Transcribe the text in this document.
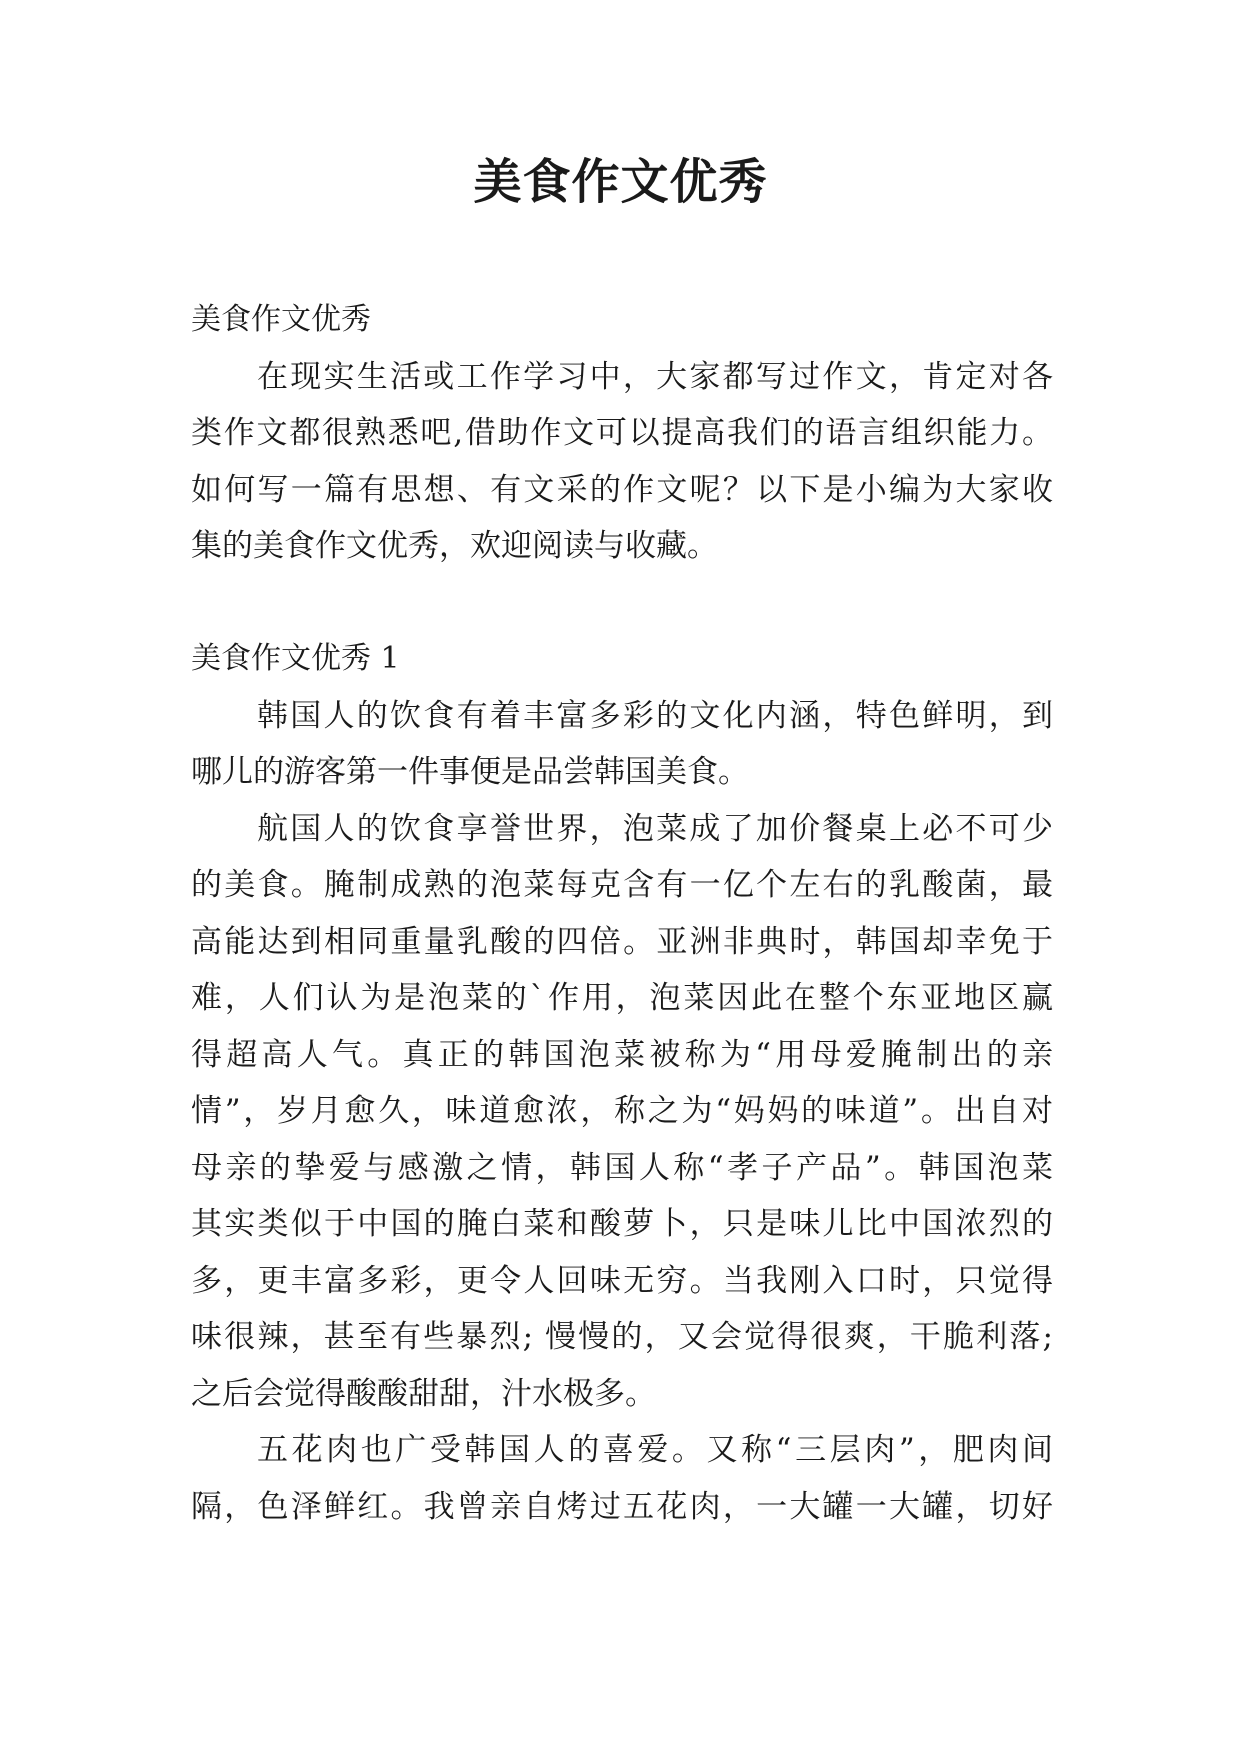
美食作文优秀

美食作文优秀

在现实生活或工作学习中，大家都写过作文，肯定对各

类作文都很熟悉吧,借助作文可以提高我们的语言组织能力。

如何写一篇有思想、有文采的作文呢？以下是小编为大家收

集的美食作文优秀，欢迎阅读与收藏。

美食作文优秀 1

韩国人的饮食有着丰富多彩的文化内涵，特色鲜明，到

哪儿的游客第一件事便是品尝韩国美食。

航国人的饮食享誉世界，泡菜成了加价餐桌上必不可少

的美食。腌制成熟的泡菜每克含有一亿个左右的乳酸菌，最

高能达到相同重量乳酸的四倍。亚洲非典时，韩国却幸免于

难，人们认为是泡菜的`作用，泡菜因此在整个东亚地区赢

得超高人气。真正的韩国泡菜被称为“用母爱腌制出的亲

情”，岁月愈久，味道愈浓，称之为“妈妈的味道”。出自对

母亲的挚爱与感激之情，韩国人称“孝子产品”。韩国泡菜

其实类似于中国的腌白菜和酸萝卜，只是味儿比中国浓烈的

多，更丰富多彩，更令人回味无穷。当我刚入口时，只觉得

味很辣，甚至有些暴烈; 慢慢的，又会觉得很爽，干脆利落;

之后会觉得酸酸甜甜，汁水极多。

五花肉也广受韩国人的喜爱。又称“三层肉”，肥肉间

隔，色泽鲜红。我曾亲自烤过五花肉，一大罐一大罐，切好
